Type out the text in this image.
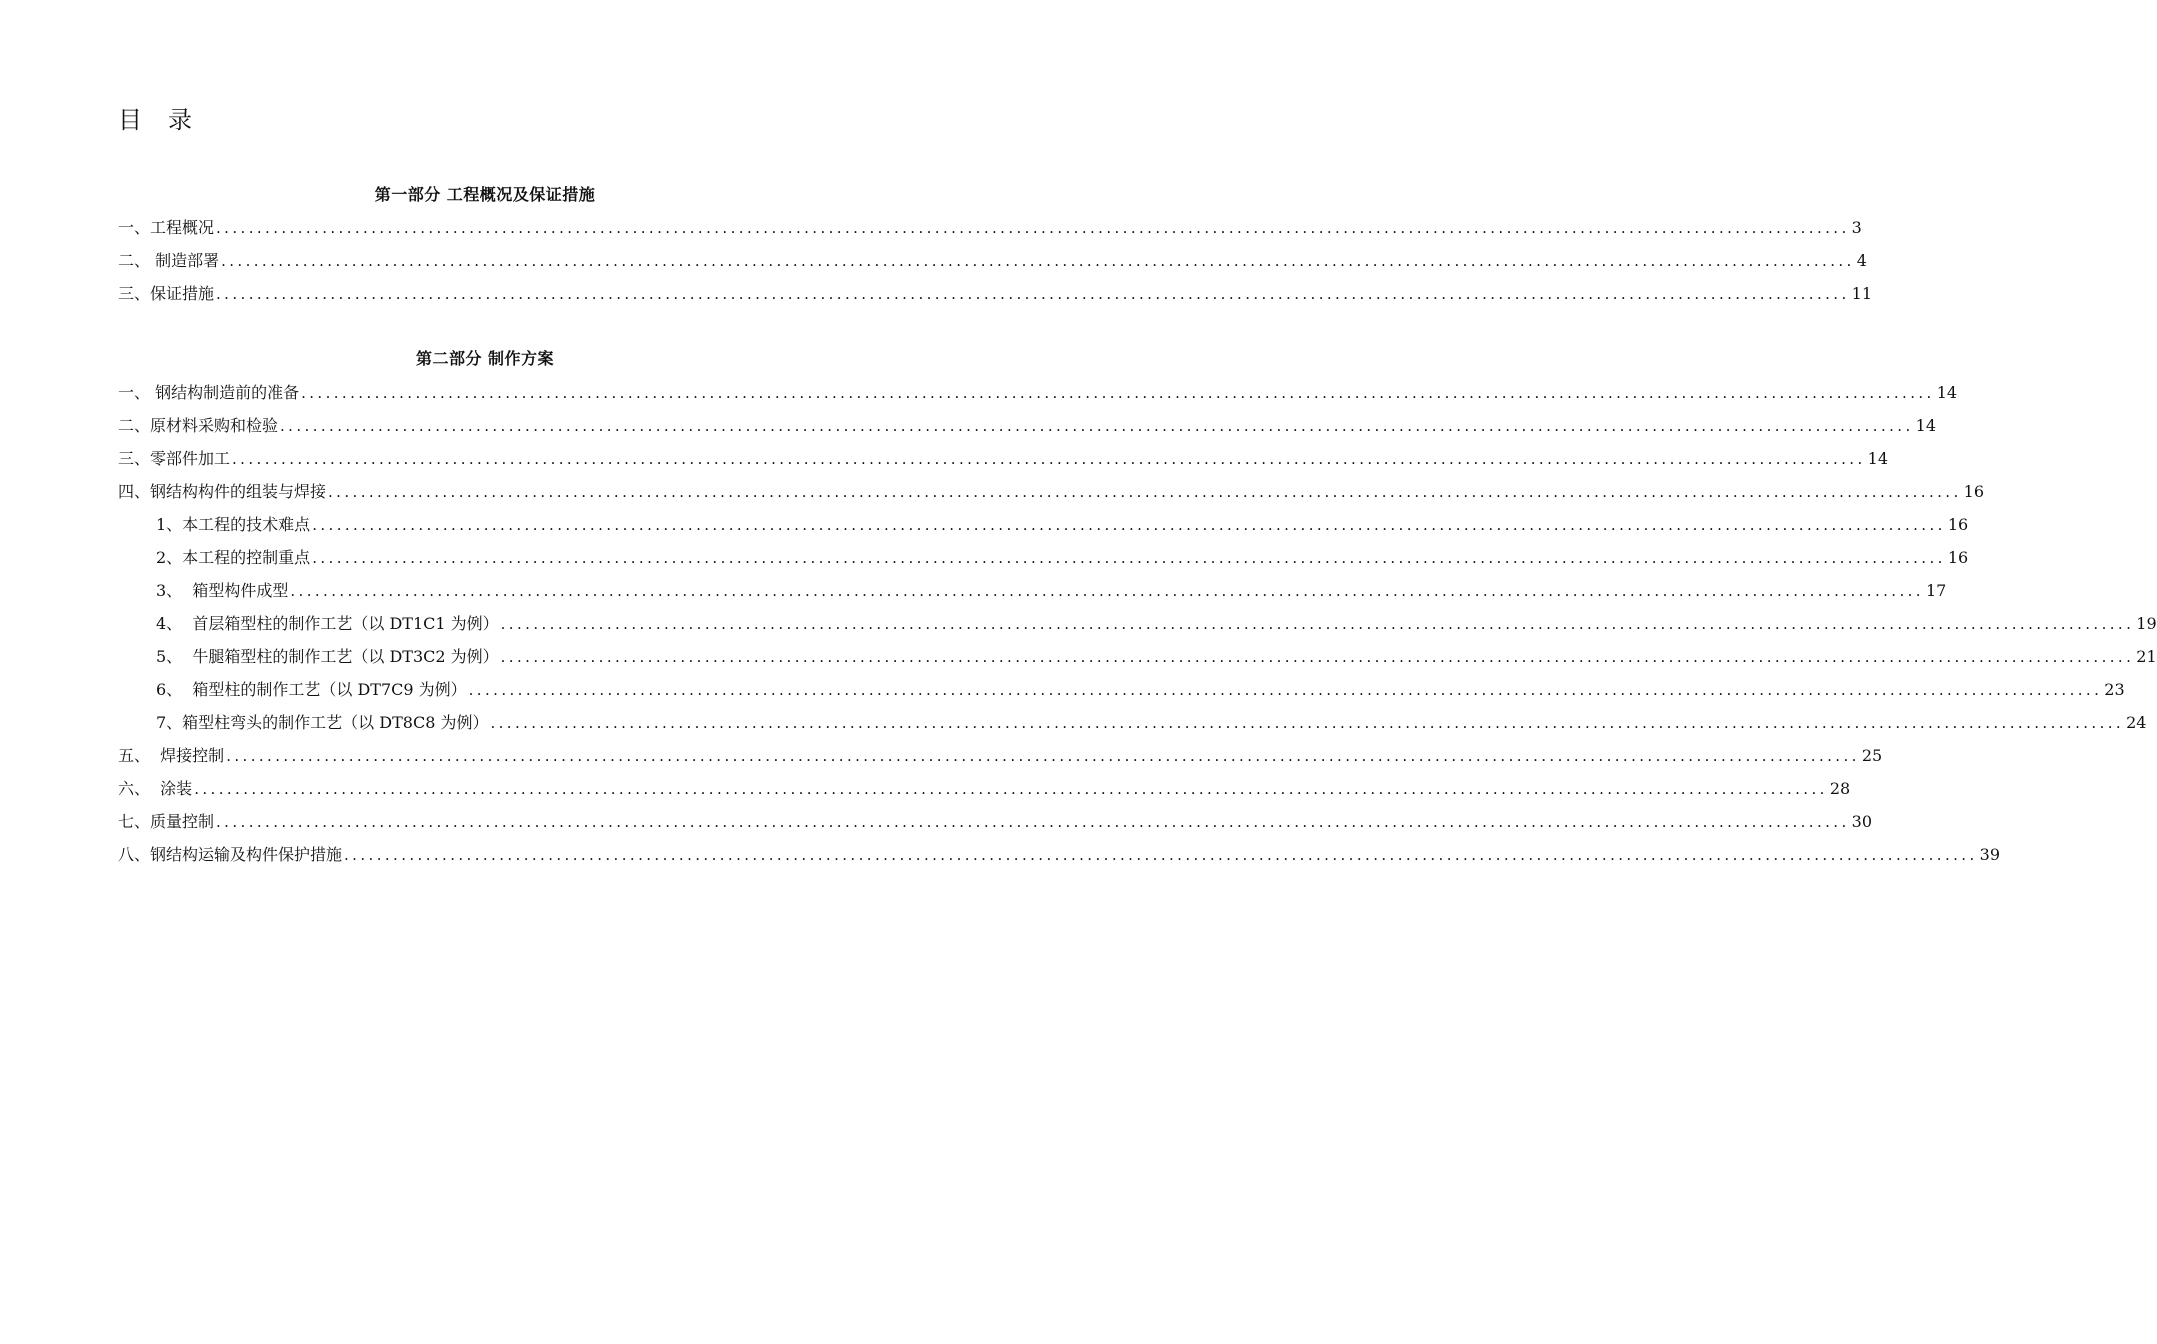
目 录
第一部分 工程概况及保证措施
一、工程概况 ........................................................................................................................................................................................................ 3
二、 制造部署 ........................................................................................................................................................................................................ 4
三、保证措施 ........................................................................................................................................................................................................ 11
第二部分 制作方案
一、 钢结构制造前的准备 ........................................................................................................................................................................................................ 14
二、原材料采购和检验 ........................................................................................................................................................................................................ 14
三、零部件加工 ........................................................................................................................................................................................................ 14
四、钢结构构件的组装与焊接 ........................................................................................................................................................................................................ 16
1、本工程的技术难点 ........................................................................................................................................................................................................ 16
2、本工程的控制重点 ........................................................................................................................................................................................................ 16
3、  箱型构件成型 ........................................................................................................................................................................................................ 17
4、  首层箱型柱的制作工艺（以 DT1C1 为例） ........................................................................................................................................................................................................ 19
5、  牛腿箱型柱的制作工艺（以 DT3C2 为例） ........................................................................................................................................................................................................ 21
6、  箱型柱的制作工艺（以 DT7C9 为例） ........................................................................................................................................................................................................ 23
7、箱型柱弯头的制作工艺（以 DT8C8 为例） ........................................................................................................................................................................................................ 24
五、  焊接控制 ........................................................................................................................................................................................................ 25
六、  涂装 ........................................................................................................................................................................................................ 28
七、质量控制 ........................................................................................................................................................................................................ 30
八、钢结构运输及构件保护措施 ........................................................................................................................................................................................................ 39
